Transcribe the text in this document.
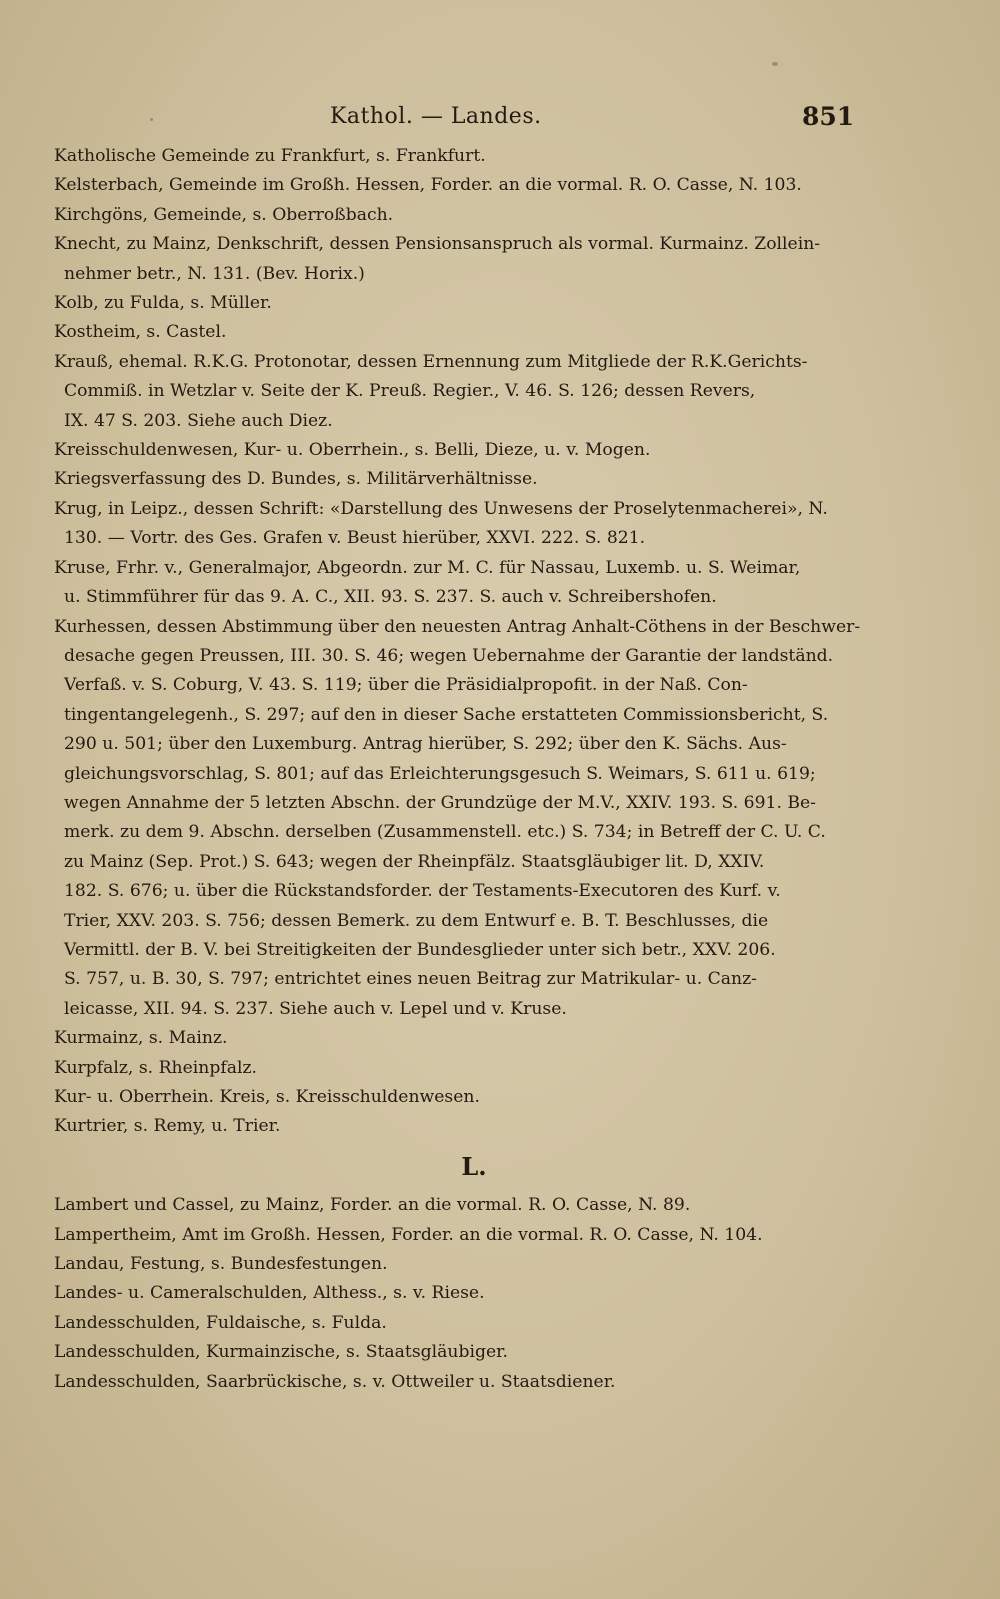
Kathol. — Landes.	851
Katholische Gemeinde zu Frankfurt, s. Frankfurt.
Kelsterbach, Gemeinde im Großh. Hessen, Forder. an die vormal. R. O. Casse, N. 103.
Kirchgöns, Gemeinde, s. Oberroßbach.
Knecht, zu Mainz, Denkschrift, dessen Pensionsanspruch als vormal. Kurmainz. Zollein-
nehmer betr., N. 131. (Bev. Horix.)
Kolb, zu Fulda, s. Müller.
Kostheim, s. Castel.
Krauß, ehemal. R.K.G. Protonotar, dessen Ernennung zum Mitgliede der R.K.Gerichts-
Commiß. in Wetzlar v. Seite der K. Preuß. Regier., V. 46. S. 126; dessen Revers,
IX. 47 S. 203. Siehe auch Diez.
Kreisschuldenwesen, Kur- u. Oberrhein., s. Belli, Dieze, u. v. Mogen.
Kriegsverfassung des D. Bundes, s. Militärverhältnisse.
Krug, in Leipz., dessen Schrift: «Darstellung des Unwesens der Proselytenmacherei», N.
130. — Vortr. des Ges. Grafen v. Beust hierüber, XXVI. 222. S. 821.
Kruse, Frhr. v., Generalmajor, Abgeordn. zur M. C. für Nassau, Luxemb. u. S. Weimar,
u. Stimmführer für das 9. A. C., XII. 93. S. 237. S. auch v. Schreibershofen.
Kurhessen, dessen Abstimmung über den neuesten Antrag Anhalt-Cöthens in der Beschwer-
desache gegen Preussen, III. 30. S. 46; wegen Uebernahme der Garantie der landständ.
Verfaß. v. S. Coburg, V. 43. S. 119; über die Präsidialpropofit. in der Naß. Con-
tingentangelegenh., S. 297; auf den in dieser Sache erstatteten Commissionsbericht, S.
290 u. 501; über den Luxemburg. Antrag hierüber, S. 292; über den K. Sächs. Aus-
gleichungsvorschlag, S. 801; auf das Erleichterungsgesuch S. Weimars, S. 611 u. 619;
wegen Annahme der 5 letzten Abschn. der Grundzüge der M.V., XXIV. 193. S. 691. Be-
merk. zu dem 9. Abschn. derselben (Zusammenstell. etc.) S. 734; in Betreff der C. U. C.
zu Mainz (Sep. Prot.) S. 643; wegen der Rheinpfälz. Staatsgläubiger lit. D, XXIV.
182. S. 676; u. über die Rückstandsforder. der Testaments-Executoren des Kurf. v.
Trier, XXV. 203. S. 756; dessen Bemerk. zu dem Entwurf e. B. T. Beschlusses, die
Vermittl. der B. V. bei Streitigkeiten der Bundesglieder unter sich betr., XXV. 206.
S. 757, u. B. 30, S. 797; entrichtet eines neuen Beitrag zur Matrikular- u. Canz-
leicasse, XII. 94. S. 237. Siehe auch v. Lepel und v. Kruse.
Kurmainz, s. Mainz.
Kurpfalz, s. Rheinpfalz.
Kur- u. Oberrhein. Kreis, s. Kreisschuldenwesen.
Kurtrier, s. Remy, u. Trier.
L.
Lambert und Cassel, zu Mainz, Forder. an die vormal. R. O. Casse, N. 89.
Lampertheim, Amt im Großh. Hessen, Forder. an die vormal. R. O. Casse, N. 104.
Landau, Festung, s. Bundesfestungen.
Landes- u. Cameralschulden, Althess., s. v. Riese.
Landesschulden, Fuldaische, s. Fulda.
Landesschulden, Kurmainzische, s. Staatsgläubiger.
Landesschulden, Saarbrückische, s. v. Ottweiler u. Staatsdiener.
